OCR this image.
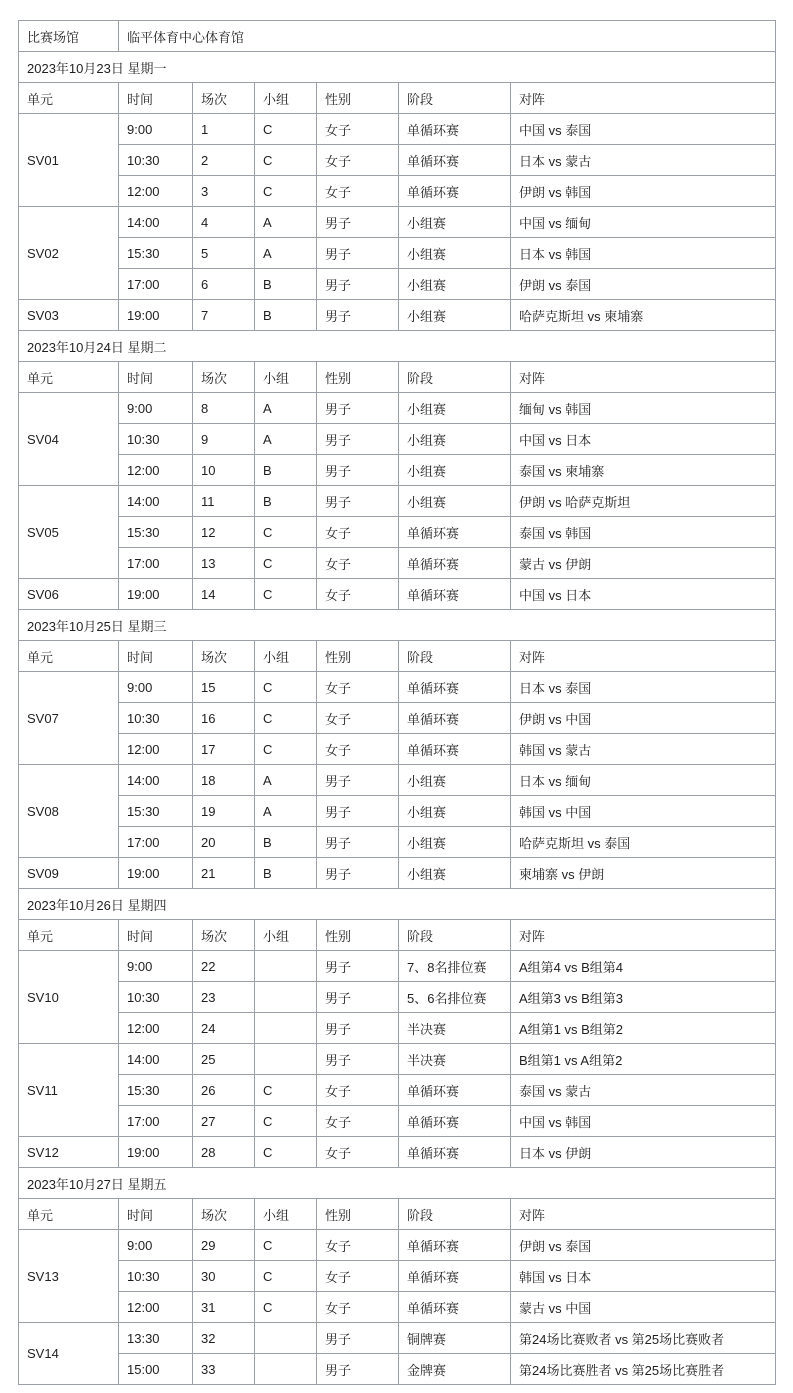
比赛场馆	临平体育中心体育馆					
2023年10月23日 星期一						
单元	时间	场次	小组	性别	阶段	对阵
SV01	9:00	1	C	女子	单循环赛	中国 vs 泰国
	10:30	2	C	女子	单循环赛	日本 vs 蒙古
	12:00	3	C	女子	单循环赛	伊朗 vs 韩国
SV02	14:00	4	A	男子	小组赛	中国 vs 缅甸
	15:30	5	A	男子	小组赛	日本 vs 韩国
	17:00	6	B	男子	小组赛	伊朗 vs 泰国
SV03	19:00	7	B	男子	小组赛	哈萨克斯坦 vs 柬埔寨
2023年10月24日 星期二						
单元	时间	场次	小组	性别	阶段	对阵
SV04	9:00	8	A	男子	小组赛	缅甸 vs 韩国
	10:30	9	A	男子	小组赛	中国 vs 日本
	12:00	10	B	男子	小组赛	泰国 vs 柬埔寨
SV05	14:00	11	B	男子	小组赛	伊朗 vs 哈萨克斯坦
	15:30	12	C	女子	单循环赛	泰国 vs 韩国
	17:00	13	C	女子	单循环赛	蒙古 vs 伊朗
SV06	19:00	14	C	女子	单循环赛	中国 vs 日本
2023年10月25日 星期三						
单元	时间	场次	小组	性别	阶段	对阵
SV07	9:00	15	C	女子	单循环赛	日本 vs 泰国
	10:30	16	C	女子	单循环赛	伊朗 vs 中国
	12:00	17	C	女子	单循环赛	韩国 vs 蒙古
SV08	14:00	18	A	男子	小组赛	日本 vs 缅甸
	15:30	19	A	男子	小组赛	韩国 vs 中国
	17:00	20	B	男子	小组赛	哈萨克斯坦 vs 泰国
SV09	19:00	21	B	男子	小组赛	柬埔寨 vs 伊朗
2023年10月26日 星期四						
单元	时间	场次	小组	性别	阶段	对阵
SV10	9:00	22		男子	7、8名排位赛	A组第4 vs B组第4
	10:30	23		男子	5、6名排位赛	A组第3 vs B组第3
	12:00	24		男子	半决赛	A组第1 vs B组第2
SV11	14:00	25		男子	半决赛	B组第1 vs A组第2
	15:30	26	C	女子	单循环赛	泰国 vs 蒙古
	17:00	27	C	女子	单循环赛	中国 vs 韩国
SV12	19:00	28	C	女子	单循环赛	日本 vs 伊朗
2023年10月27日 星期五						
单元	时间	场次	小组	性别	阶段	对阵
SV13	9:00	29	C	女子	单循环赛	伊朗 vs 泰国
	10:30	30	C	女子	单循环赛	韩国 vs 日本
	12:00	31	C	女子	单循环赛	蒙古 vs 中国
SV14	13:30	32		男子	铜牌赛	第24场比赛败者 vs 第25场比赛败者
	15:00	33		男子	金牌赛	第24场比赛胜者 vs 第25场比赛胜者
